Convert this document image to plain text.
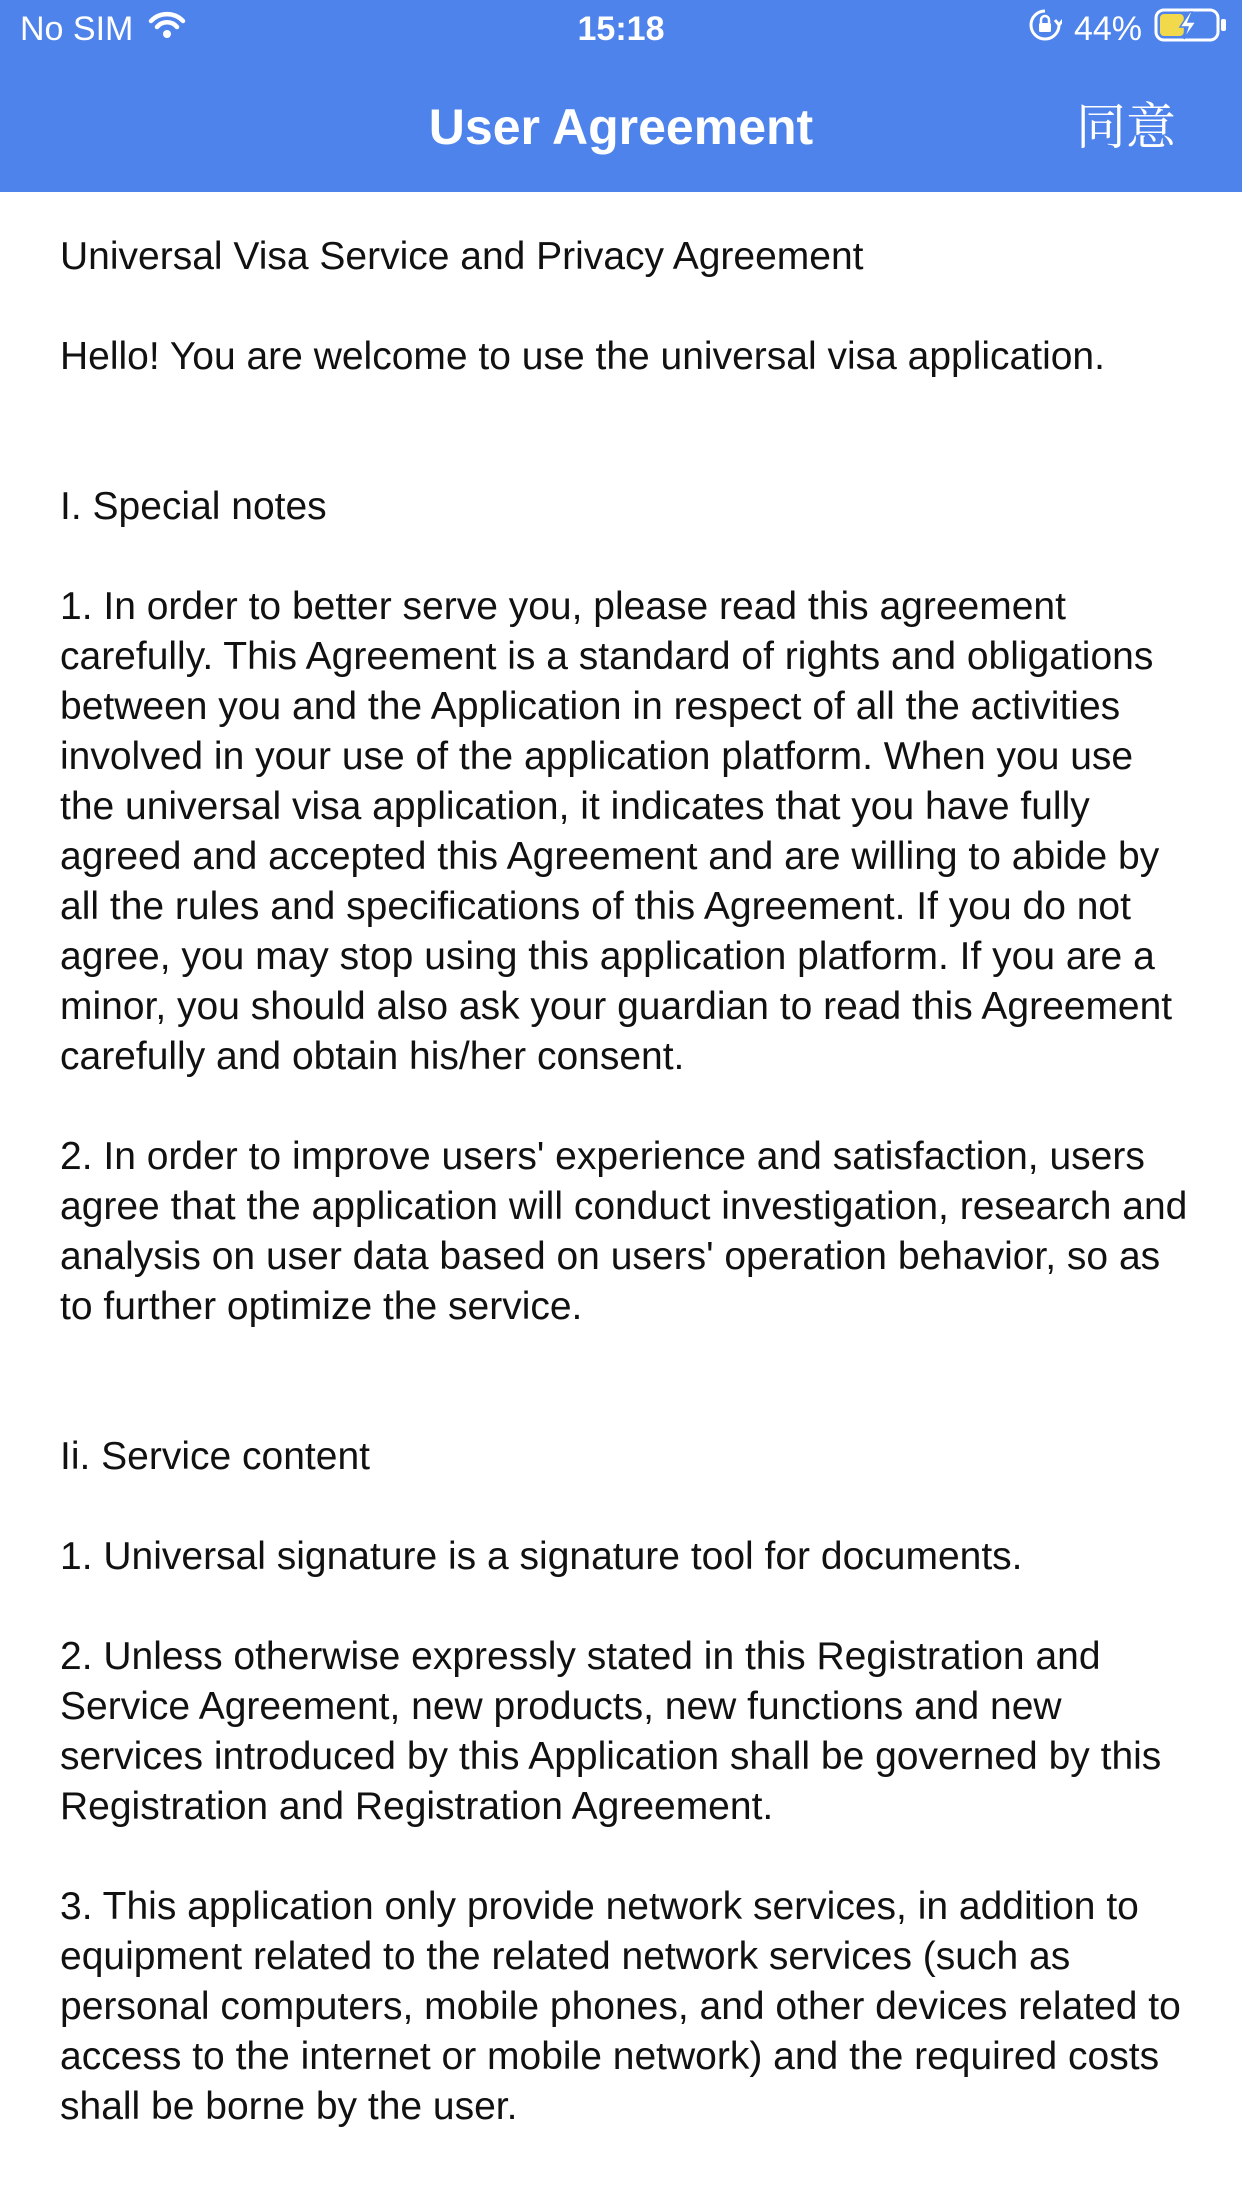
No SIM	15:18	44%
User Agreement	同意

Universal Visa Service and Privacy Agreement

Hello! You are welcome to use the universal visa application.

I. Special notes

1. In order to better serve you, please read this agreement carefully. This Agreement is a standard of rights and obligations between you and the Application in respect of all the activities involved in your use of the application platform. When you use the universal visa application, it indicates that you have fully agreed and accepted this Agreement and are willing to abide by all the rules and specifications of this Agreement. If you do not agree, you may stop using this application platform. If you are a minor, you should also ask your guardian to read this Agreement carefully and obtain his/her consent.

2. In order to improve users' experience and satisfaction, users agree that the application will conduct investigation, research and analysis on user data based on users' operation behavior, so as to further optimize the service.

Ii. Service content

1. Universal signature is a signature tool for documents.

2. Unless otherwise expressly stated in this Registration and Service Agreement, new products, new functions and new services introduced by this Application shall be governed by this Registration and Registration Agreement.

3. This application only provide network services, in addition to equipment related to the related network services (such as personal computers, mobile phones, and other devices related to access to the internet or mobile network) and the required costs shall be borne by the user.
